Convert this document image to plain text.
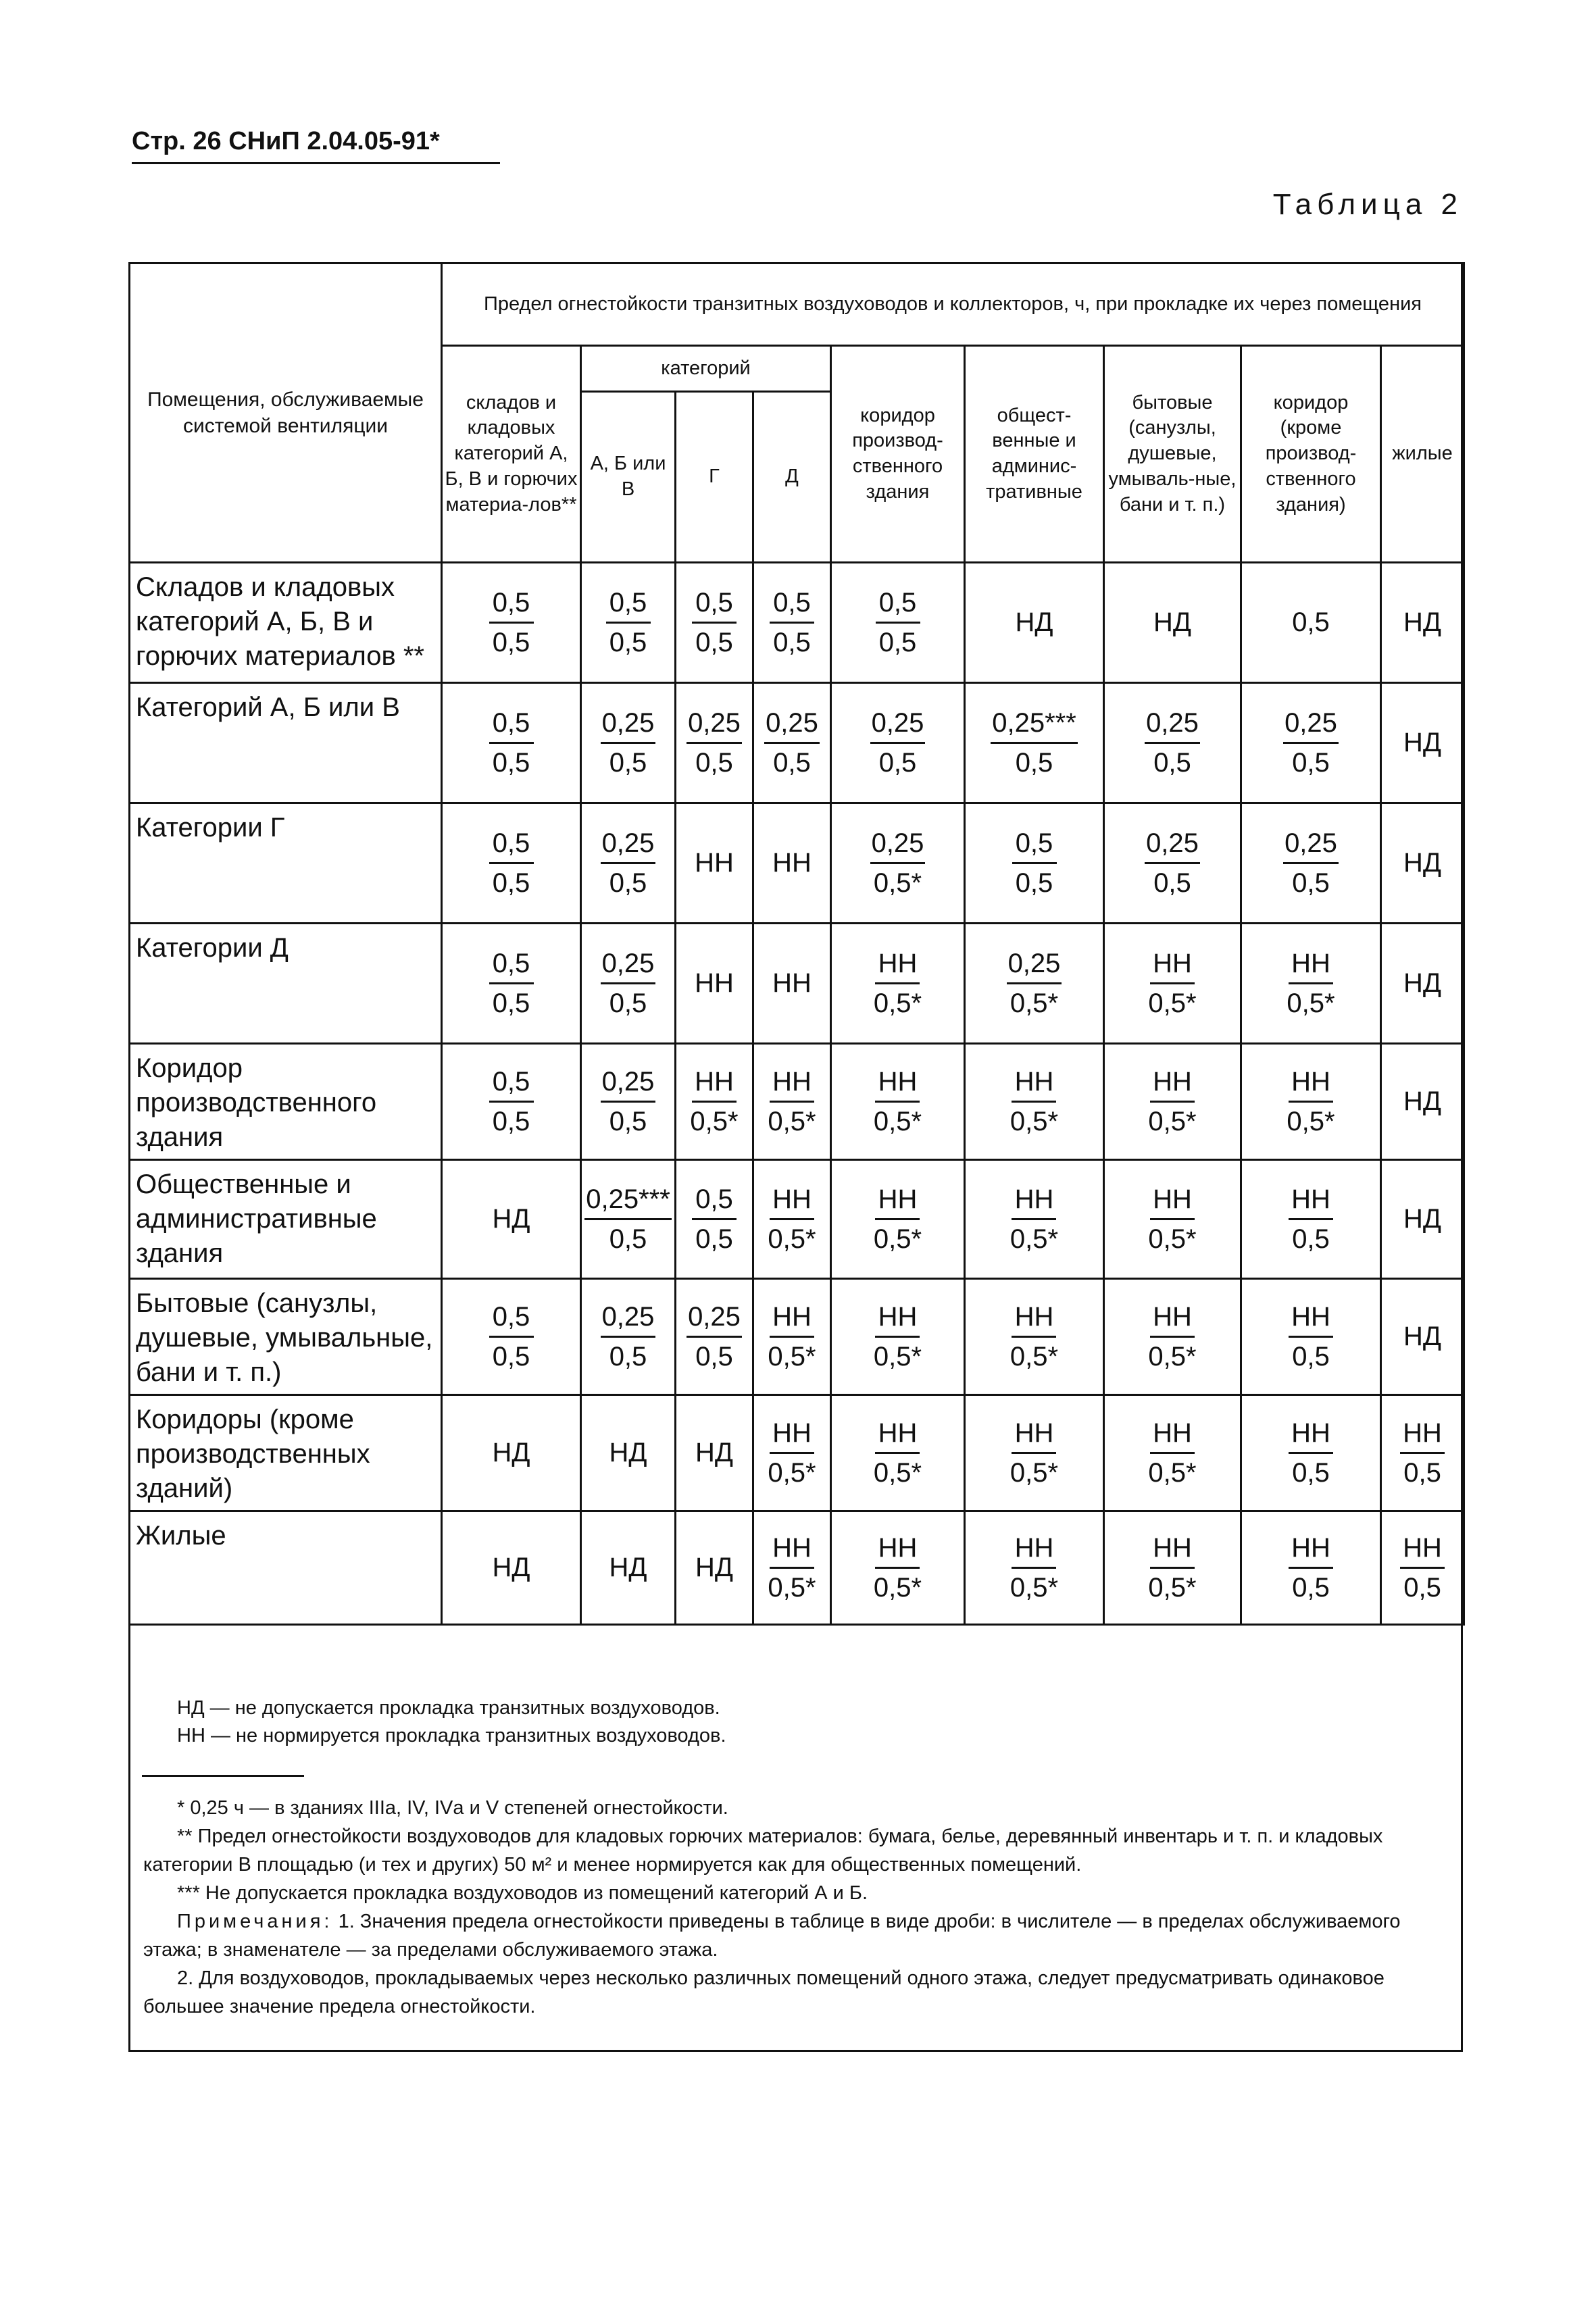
Стр. 26 СНиП 2.04.05-91*
Таблица 2
Помещения, обслуживаемые системой вентиляции	Предел огнестойкости транзитных воздуховодов и коллекторов, ч, при прокладке их через помещения								
	складов и кладовых категорий А, Б, В и горючих материа-лов**	категорий			коридор производ-ственного здания	общест-венные и админис-тративные	бытовые (санузлы, душевые, умываль-ные, бани и т. п.)	коридор (кроме производ-ственного здания)	жилые
		А, Б или В	Г	Д					
Складов и кладовых категорий А, Б, В и горючих материалов **	$\frac{0,5}{0,5}$	$\frac{0,5}{0,5}$	$\frac{0,5}{0,5}$	$\frac{0,5}{0,5}$	$\frac{0,5}{0,5}$	НД	НД	0,5	НД
Категорий А, Б или В	$\frac{0,5}{0,5}$	$\frac{0,25}{0,5}$	$\frac{0,25}{0,5}$	$\frac{0,25}{0,5}$	$\frac{0,25}{0,5}$	$\frac{0,25***}{0,5}$	$\frac{0,25}{0,5}$	$\frac{0,25}{0,5}$	НД
Категории Г	$\frac{0,5}{0,5}$	$\frac{0,25}{0,5}$	НН	НН	$\frac{0,25}{0,5*}$	$\frac{0,5}{0,5}$	$\frac{0,25}{0,5}$	$\frac{0,25}{0,5}$	НД
Категории Д	$\frac{0,5}{0,5}$	$\frac{0,25}{0,5}$	НН	НН	$\frac{НН}{0,5*}$	$\frac{0,25}{0,5*}$	$\frac{НН}{0,5*}$	$\frac{НН}{0,5*}$	НД
Коридор производственного здания	$\frac{0,5}{0,5}$	$\frac{0,25}{0,5}$	$\frac{НН}{0,5*}$	$\frac{НН}{0,5*}$	$\frac{НН}{0,5*}$	$\frac{НН}{0,5*}$	$\frac{НН}{0,5*}$	$\frac{НН}{0,5*}$	НД
Общественные и административные здания	НД	$\frac{0,25***}{0,5}$	$\frac{0,5}{0,5}$	$\frac{НН}{0,5*}$	$\frac{НН}{0,5*}$	$\frac{НН}{0,5*}$	$\frac{НН}{0,5*}$	$\frac{НН}{0,5}$	НД
Бытовые (санузлы, душевые, умывальные, бани и т. п.)	$\frac{0,5}{0,5}$	$\frac{0,25}{0,5}$	$\frac{0,25}{0,5}$	$\frac{НН}{0,5*}$	$\frac{НН}{0,5*}$	$\frac{НН}{0,5*}$	$\frac{НН}{0,5*}$	$\frac{НН}{0,5}$	НД
Коридоры (кроме производственных зданий)	НД	НД	НД	$\frac{НН}{0,5*}$	$\frac{НН}{0,5*}$	$\frac{НН}{0,5*}$	$\frac{НН}{0,5*}$	$\frac{НН}{0,5}$	$\frac{НН}{0,5}$

Жилые	НД	НД	НД	$\frac{НН}{0,5*}$	$\frac{НН}{0,5*}$	$\frac{НН}{0,5*}$	$\frac{НН}{0,5*}$	$\frac{НН}{0,5}$	$\frac{НН}{0,5}$

НД — не допускается прокладка транзитных воздуховодов.

НН — не нормируется прокладка транзитных воздуховодов.

* 0,25 ч — в зданиях IIIа, IV, IVа и V степеней огнестойкости.

** Предел огнестойкости воздуховодов для кладовых горючих материалов: бумага, белье, деревянный инвентарь и т. п. и кладовых категории В площадью (и тех и других) 50 м² и менее нормируется как для общественных помещений.

*** Не допускается прокладка воздуховодов из помещений категорий А и Б.

Примечания: 1. Значения предела огнестойкости приведены в таблице в виде дроби: в числителе — в пределах обслуживаемого этажа; в знаменателе — за пределами обслуживаемого этажа.

2. Для воздуховодов, прокладываемых через несколько различных помещений одного этажа, следует предусматривать одинаковое большее значение предела огнестойкости.
